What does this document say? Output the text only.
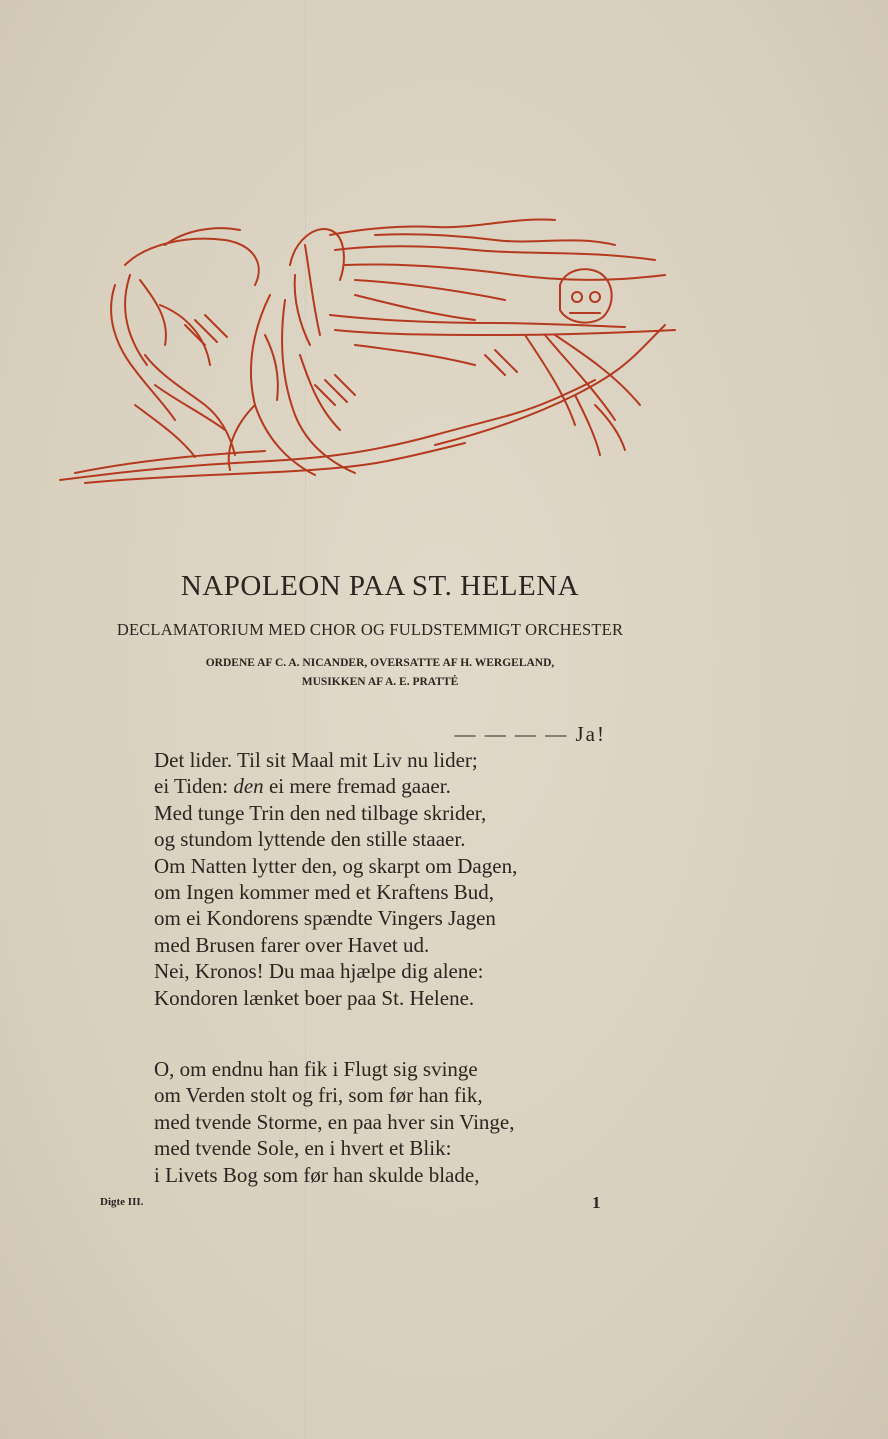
NAPOLEON PAA ST. HELENA
DECLAMATORIUM MED CHOR OG FULDSTEMMIGT ORCHESTER
ORDENE AF C. A. NICANDER, OVERSATTE AF H. WERGELAND,
MUSIKKEN AF A. E. PRATTÉ
— — — — Ja!
Det lider. Til sit Maal mit Liv nu lider;
ei Tiden: den ei mere fremad gaaer.
Med tunge Trin den ned tilbage skrider,
og stundom lyttende den stille staaer.
Om Natten lytter den, og skarpt om Dagen,
om Ingen kommer med et Kraftens Bud,
om ei Kondorens spændte Vingers Jagen
med Brusen farer over Havet ud.
Nei, Kronos! Du maa hjælpe dig alene:
Kondoren lænket boer paa St. Helene.
O, om endnu han fik i Flugt sig svinge
om Verden stolt og fri, som før han fik,
med tvende Storme, en paa hver sin Vinge,
med tvende Sole, en i hvert et Blik:
i Livets Bog som før han skulde blade,
Digte III.	1
